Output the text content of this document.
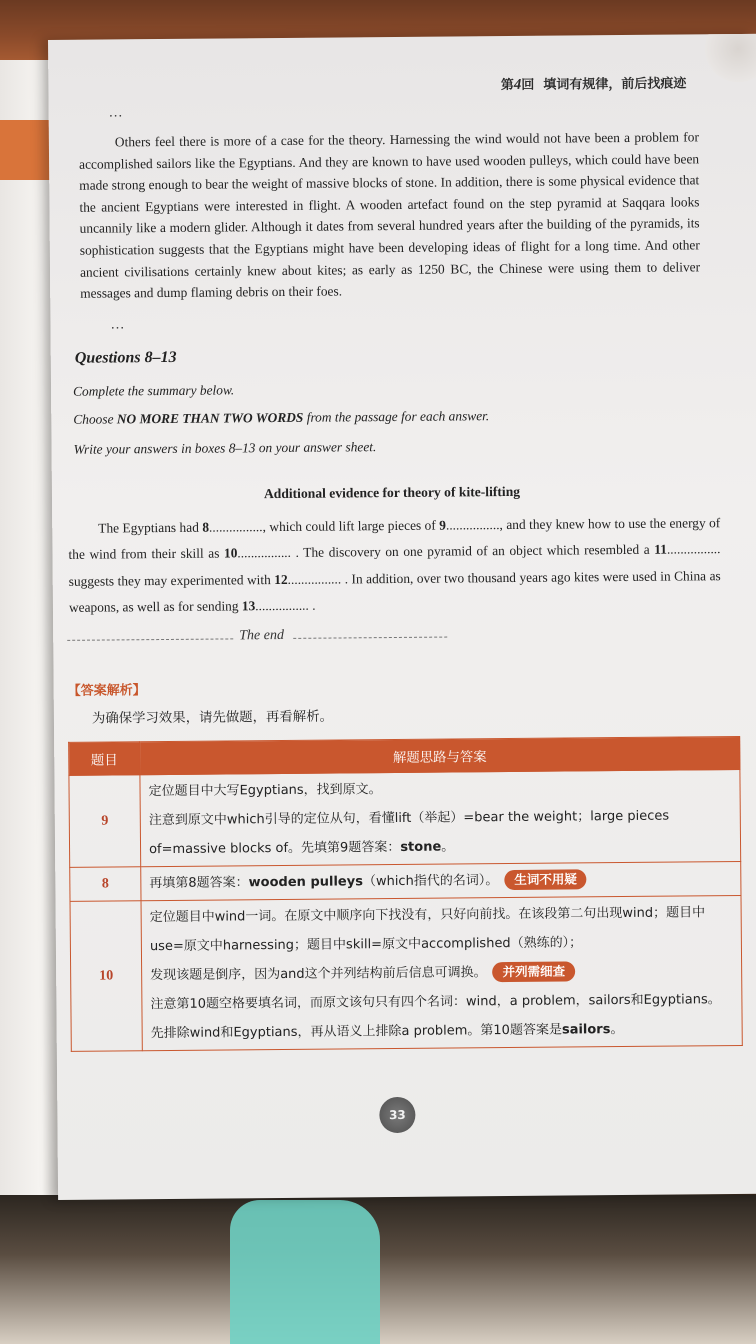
第4回 填词有规律，前后找痕迹
…
Others feel there is more of a case for the theory. Harnessing the wind would not have been a problem for accomplished sailors like the Egyptians. And they are known to have used wooden pulleys, which could have been made strong enough to bear the weight of massive blocks of stone. In addition, there is some physical evidence that the ancient Egyptians were interested in flight. A wooden artefact found on the step pyramid at Saqqara looks uncannily like a modern glider. Although it dates from several hundred years after the building of the pyramids, its sophistication suggests that the Egyptians might have been developing ideas of flight for a long time. And other ancient civilisations certainly knew about kites; as early as 1250 BC, the Chinese were using them to deliver messages and dump flaming debris on their foes.
…
Questions 8–13
Complete the summary below.
Choose NO MORE THAN TWO WORDS from the passage for each answer.
Write your answers in boxes 8–13 on your answer sheet.
Additional evidence for theory of kite-lifting
The Egyptians had 8................, which could lift large pieces of 9................, and they knew how to use the energy of the wind from their skill as 10................ . The discovery on one pyramid of an object which resembled a 11................ suggests they may experimented with 12................ . In addition, over two thousand years ago kites were used in China as weapons, as well as for sending 13................ .
The end
【答案解析】
为确保学习效果，请先做题，再看解析。
题目	解题思路与答案
9	定位题目中大写Egyptians，找到原文。
注意到原文中which引导的定位从句，看懂lift（举起）=bear the weight；large pieces of=massive blocks of。先填第9题答案：stone。

8	再填第8题答案：wooden pulleys（which指代的名词）。 生词不用疑
10	定位题目中wind一词。在原文中顺序向下找没有，只好向前找。在该段第二句出现wind；题目中use=原文中harnessing；题目中skill=原文中accomplished（熟练的）；
发现该题是倒序，因为and这个并列结构前后信息可调换。 并列需细查
注意第10题空格要填名词，而原文该句只有四个名词：wind，a problem，sailors和Egyptians。先排除wind和Egyptians，再从语义上排除a problem。第10题答案是sailors。
33
